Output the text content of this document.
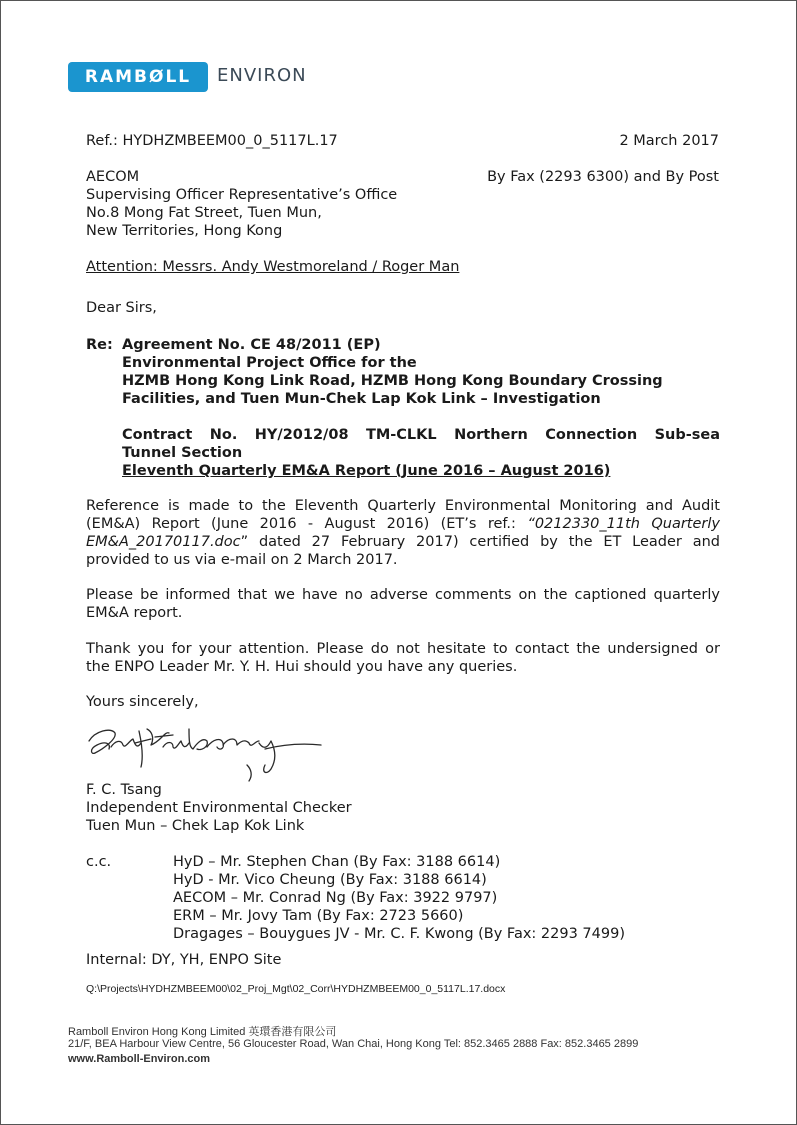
RAMBØLL	ENVIRON
Ref.: HYDHZMBEEM00_0_5117L.17	2 March 2017
AECOM	By Fax (2293 6300) and By Post
Supervising Officer Representative’s Office
No.8 Mong Fat Street, Tuen Mun,
New Territories, Hong Kong
Attention: Messrs. Andy Westmoreland / Roger Man
Dear Sirs,
Re: Agreement No. CE 48/2011 (EP)
Environmental Project Office for the
HZMB Hong Kong Link Road, HZMB Hong Kong Boundary Crossing
Facilities, and Tuen Mun-Chek Lap Kok Link – Investigation
Contract No. HY/2012/08 TM-CLKL Northern Connection Sub-sea
Tunnel Section
Eleventh Quarterly EM&A Report (June 2016 – August 2016)
Reference is made to the Eleventh Quarterly Environmental Monitoring and Audit
(EM&A) Report (June 2016 - August 2016) (ET’s ref.: “0212330_11th Quarterly
EM&A_20170117.doc” dated 27 February 2017) certified by the ET Leader and
provided to us via e-mail on 2 March 2017.
Please be informed that we have no adverse comments on the captioned quarterly
EM&A report.
Thank you for your attention. Please do not hesitate to contact the undersigned or
the ENPO Leader Mr. Y. H. Hui should you have any queries.
Yours sincerely,
F. C. Tsang
Independent Environmental Checker
Tuen Mun – Chek Lap Kok Link
c.c.	HyD – Mr. Stephen Chan (By Fax: 3188 6614)
HyD - Mr. Vico Cheung (By Fax: 3188 6614)
AECOM – Mr. Conrad Ng (By Fax: 3922 9797)
ERM – Mr. Jovy Tam (By Fax: 2723 5660)
Dragages – Bouygues JV - Mr. C. F. Kwong (By Fax: 2293 7499)
Internal: DY, YH, ENPO Site
Q:\Projects\HYDHZMBEEM00\02_Proj_Mgt\02_Corr\HYDHZMBEEM00_0_5117L.17.docx
Ramboll Environ Hong Kong Limited 英環香港有限公司
21/F, BEA Harbour View Centre, 56 Gloucester Road, Wan Chai, Hong Kong Tel: 852.3465 2888 Fax: 852.3465 2899
www.Ramboll-Environ.com
